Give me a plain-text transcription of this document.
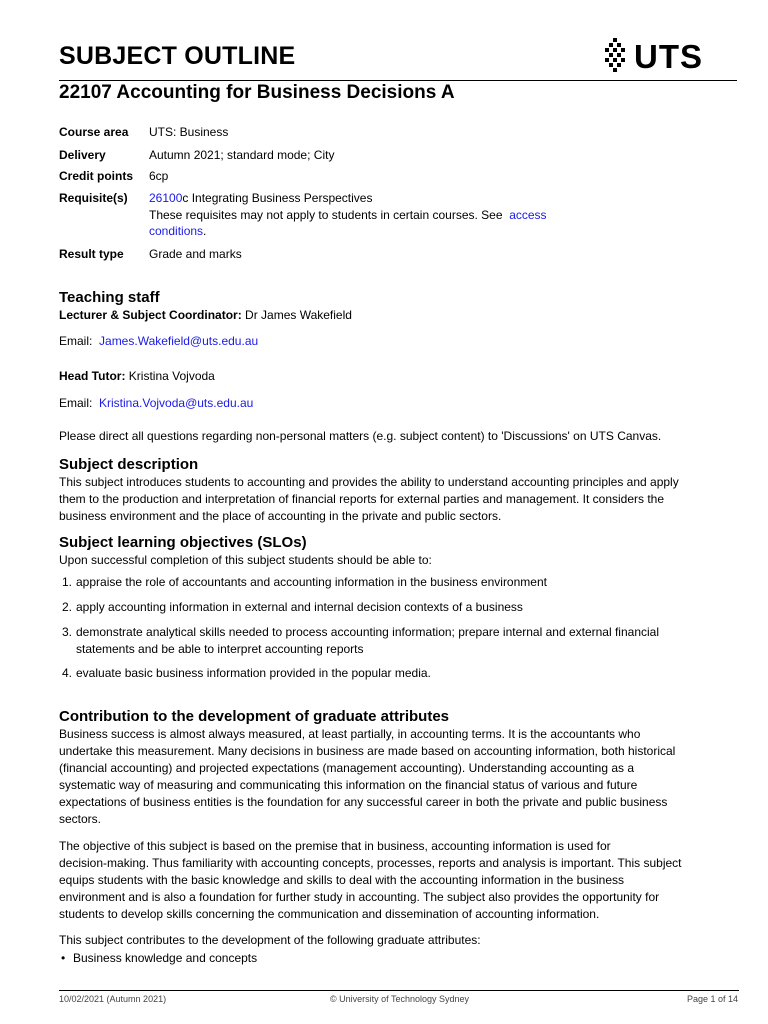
SUBJECT OUTLINE	UTS
22107 Accounting for Business Decisions A
Course area UTS: Business
Delivery	Autumn 2021; standard mode; City
Credit points 6cp
Requisite(s) 26100c Integrating Business Perspectives
These requisites may not apply to students in certain courses. See access
conditions.
Result type Grade and marks
Teaching staff
Lecturer & Subject Coordinator: Dr James Wakefield
Email: James.Wakefield@uts.edu.au
Head Tutor: Kristina Vojvoda
Email: Kristina.Vojvoda@uts.edu.au
Please direct all questions regarding non-personal matters (e.g. subject content) to 'Discussions' on UTS Canvas.
Subject description
This subject introduces students to accounting and provides the ability to understand accounting principles and apply
them to the production and interpretation of financial reports for external parties and management. It considers the
business environment and the place of accounting in the private and public sectors.
Subject learning objectives (SLOs)
Upon successful completion of this subject students should be able to:
1. appraise the role of accountants and accounting information in the business environment
2. apply accounting information in external and internal decision contexts of a business
3. demonstrate analytical skills needed to process accounting information; prepare internal and external financial
statements and be able to interpret accounting reports
4. evaluate basic business information provided in the popular media.
Contribution to the development of graduate attributes
Business success is almost always measured, at least partially, in accounting terms. It is the accountants who
undertake this measurement. Many decisions in business are made based on accounting information, both historical
(financial accounting) and projected expectations (management accounting). Understanding accounting as a
systematic way of measuring and communicating this information on the financial status of various and future
expectations of business entities is the foundation for any successful career in both the private and public business
sectors.
The objective of this subject is based on the premise that in business, accounting information is used for
decision-making. Thus familiarity with accounting concepts, processes, reports and analysis is important. This subject
equips students with the basic knowledge and skills to deal with the accounting information in the business
environment and is also a foundation for further study in accounting. The subject also provides the opportunity for
students to develop skills concerning the communication and dissemination of accounting information.
This subject contributes to the development of the following graduate attributes:
• Business knowledge and concepts
10/02/2021 (Autumn 2021)	© University of Technology Sydney	Page 1 of 14
